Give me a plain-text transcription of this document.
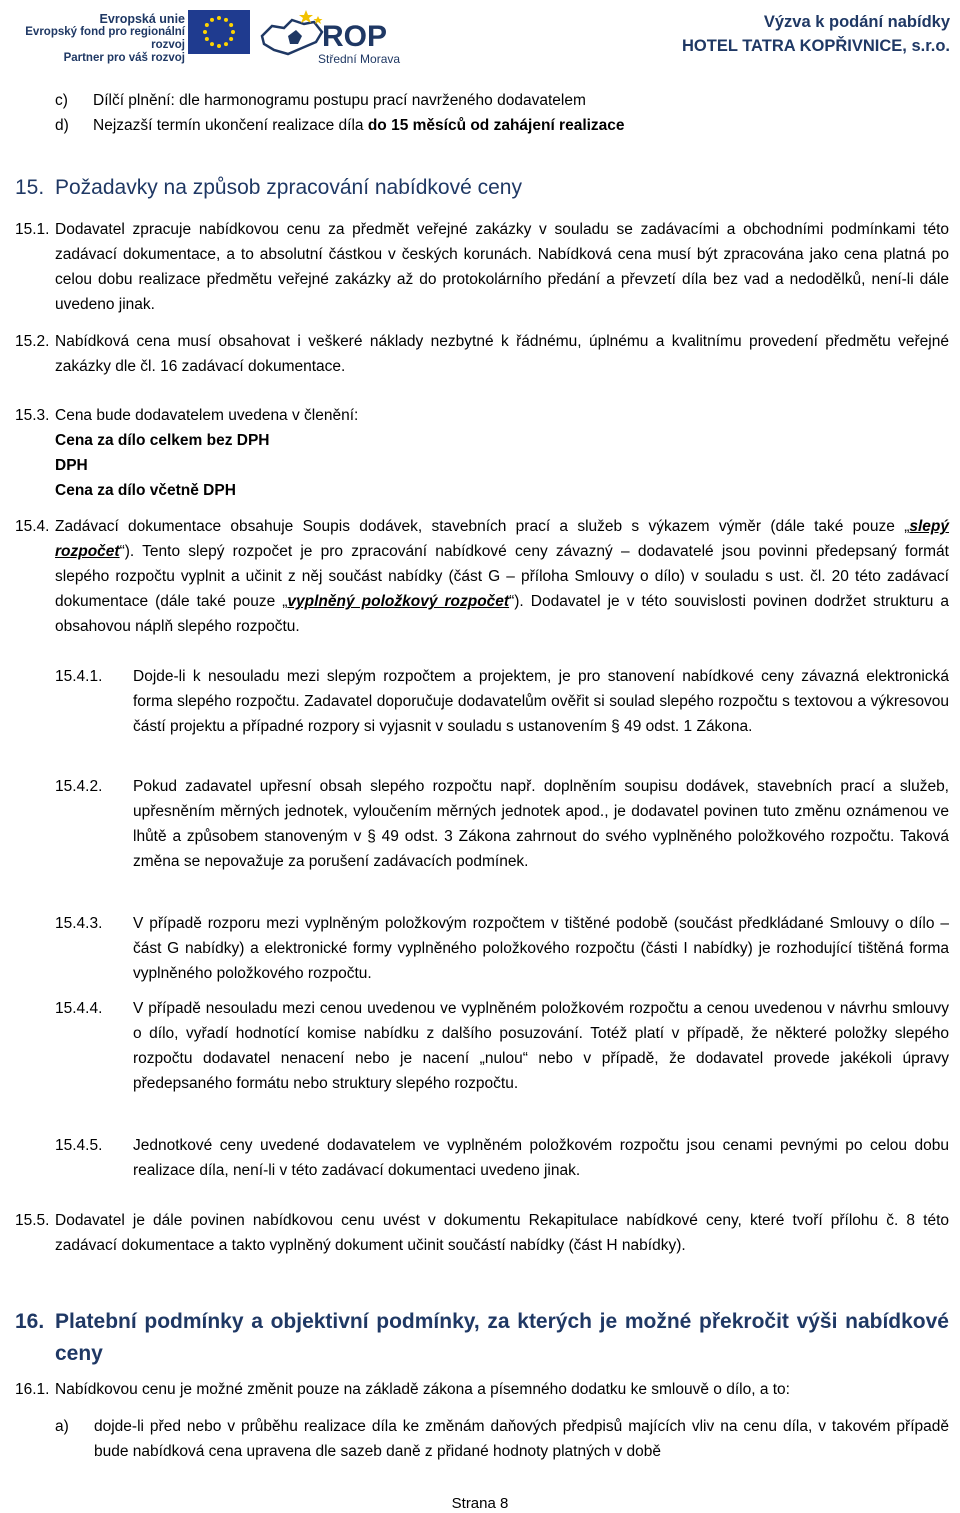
Evropská unie
Evropský fond pro regionální rozvoj
Partner pro váš rozvoj
ROP
Střední Morava
Výzva k podání nabídky
HOTEL TATRA KOPŘIVNICE, s.r.o.
c) Dílčí plnění: dle harmonogramu postupu prací navrženého dodavatelem
d) Nejzazší termín ukončení realizace díla do 15 měsíců od zahájení realizace
15. Požadavky na způsob zpracování nabídkové ceny
15.1. Dodavatel zpracuje nabídkovou cenu za předmět veřejné zakázky v souladu se zadávacími a obchodními podmínkami této zadávací dokumentace, a to absolutní částkou v českých korunách. Nabídková cena musí být zpracována jako cena platná po celou dobu realizace předmětu veřejné zakázky až do protokolárního předání a převzetí díla bez vad a nedodělků, není-li dále uvedeno jinak.
15.2. Nabídková cena musí obsahovat i veškeré náklady nezbytné k řádnému, úplnému a kvalitnímu provedení předmětu veřejné zakázky dle čl. 16 zadávací dokumentace.
15.3. Cena bude dodavatelem uvedena v členění:
Cena za dílo celkem bez DPH
DPH
Cena za dílo včetně DPH
15.4. Zadávací dokumentace obsahuje Soupis dodávek, stavebních prací a služeb s výkazem výměr (dále také pouze „slepý rozpočet“). Tento slepý rozpočet je pro zpracování nabídkové ceny závazný – dodavatelé jsou povinni předepsaný formát slepého rozpočtu vyplnit a učinit z něj součást nabídky (část G – příloha Smlouvy o dílo) v souladu s ust. čl. 20 této zadávací dokumentace (dále také pouze „vyplněný položkový rozpočet“). Dodavatel je v této souvislosti povinen dodržet strukturu a obsahovou náplň slepého rozpočtu.
15.4.1. Dojde-li k nesouladu mezi slepým rozpočtem a projektem, je pro stanovení nabídkové ceny závazná elektronická forma slepého rozpočtu. Zadavatel doporučuje dodavatelům ověřit si soulad slepého rozpočtu s textovou a výkresovou částí projektu a případné rozpory si vyjasnit v souladu s ustanovením § 49 odst. 1 Zákona.
15.4.2. Pokud zadavatel upřesní obsah slepého rozpočtu např. doplněním soupisu dodávek, stavebních prací a služeb, upřesněním měrných jednotek, vyloučením měrných jednotek apod., je dodavatel povinen tuto změnu oznámenou ve lhůtě a způsobem stanoveným v § 49 odst. 3 Zákona zahrnout do svého vyplněného položkového rozpočtu. Taková změna se nepovažuje za porušení zadávacích podmínek.
15.4.3. V případě rozporu mezi vyplněným položkovým rozpočtem v tištěné podobě (součást předkládané Smlouvy o dílo – část G nabídky) a elektronické formy vyplněného položkového rozpočtu (části I nabídky) je rozhodující tištěná forma vyplněného položkového rozpočtu.
15.4.4. V případě nesouladu mezi cenou uvedenou ve vyplněném položkovém rozpočtu a cenou uvedenou v návrhu smlouvy o dílo, vyřadí hodnotící komise nabídku z dalšího posuzování. Totéž platí v případě, že některé položky slepého rozpočtu dodavatel nenacení nebo je nacení „nulou“ nebo v případě, že dodavatel provede jakékoli úpravy předepsaného formátu nebo struktury slepého rozpočtu.
15.4.5. Jednotkové ceny uvedené dodavatelem ve vyplněném položkovém rozpočtu jsou cenami pevnými po celou dobu realizace díla, není-li v této zadávací dokumentaci uvedeno jinak.
15.5. Dodavatel je dále povinen nabídkovou cenu uvést v dokumentu Rekapitulace nabídkové ceny, které tvoří přílohu č. 8 této zadávací dokumentace a takto vyplněný dokument učinit součástí nabídky (část H nabídky).
16. Platební podmínky a objektivní podmínky, za kterých je možné překročit výši nabídkové ceny
16.1. Nabídkovou cenu je možné změnit pouze na základě zákona a písemného dodatku ke smlouvě o dílo, a to:
a) dojde-li před nebo v průběhu realizace díla ke změnám daňových předpisů majících vliv na cenu díla, v takovém případě bude nabídková cena upravena dle sazeb daně z přidané hodnoty platných v době
Strana 8
